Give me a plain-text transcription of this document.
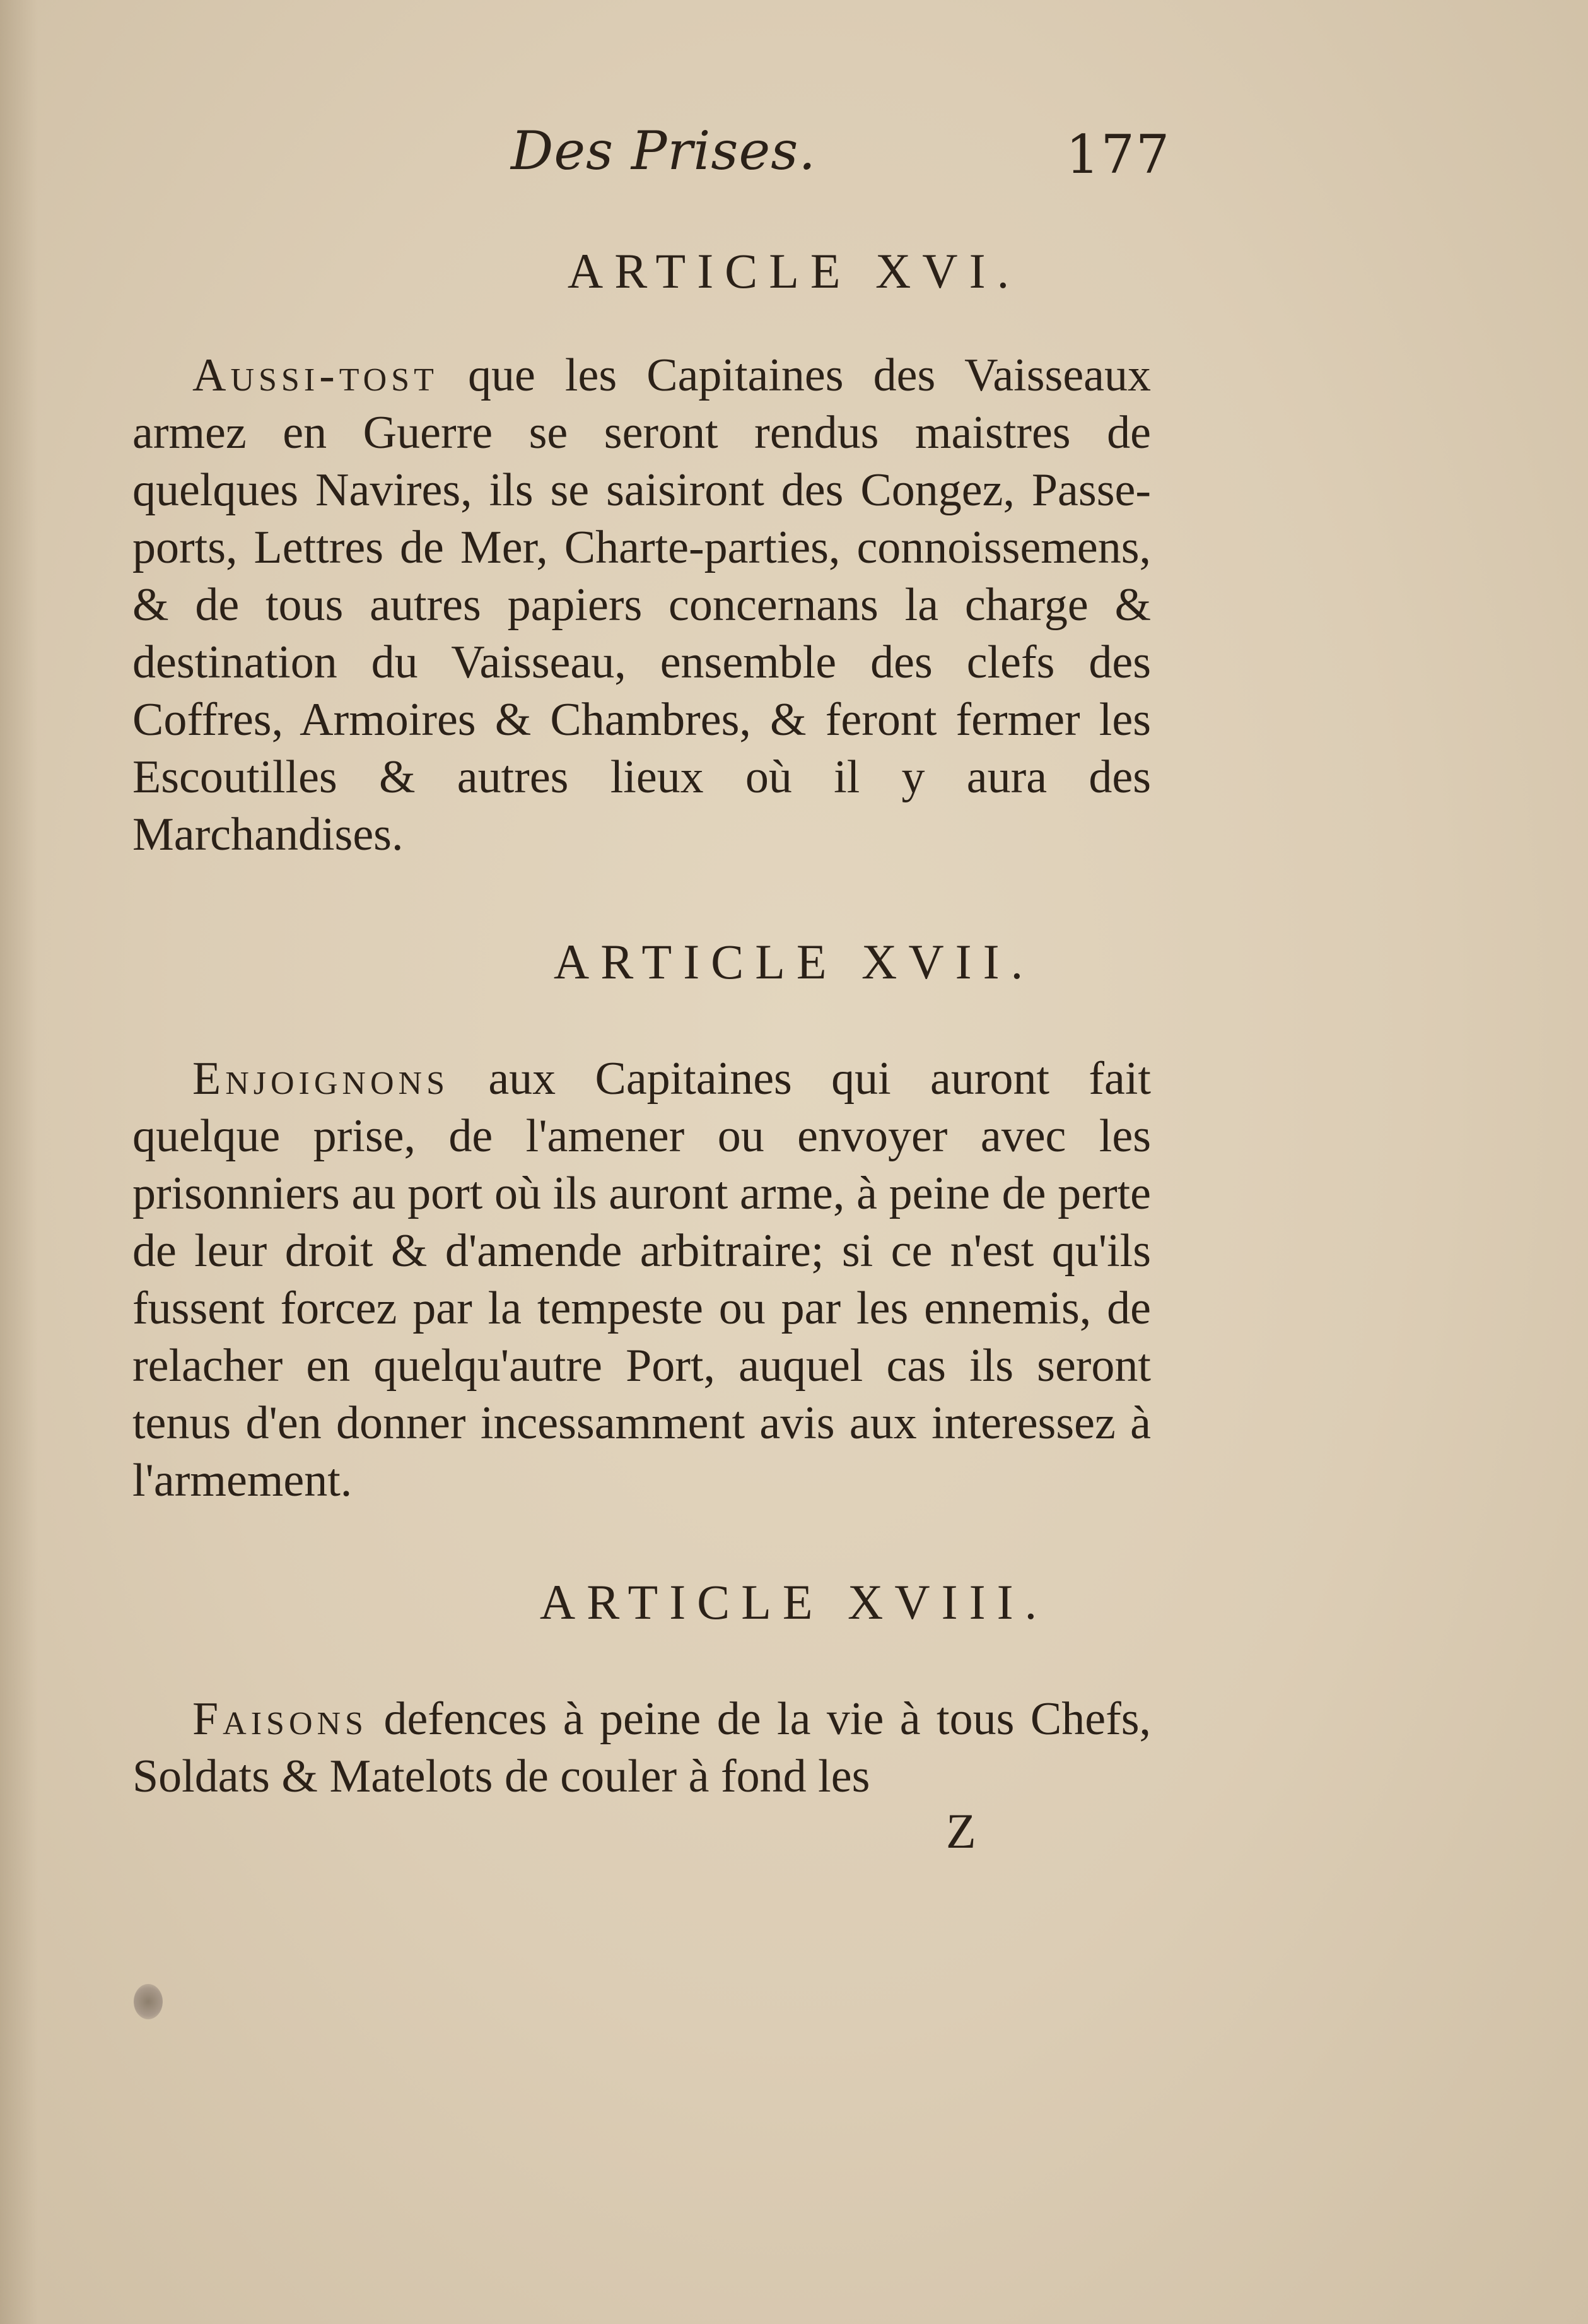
Des Prises.	177
ARTICLE XVI.

Aussi-tost que les Capitaines des Vaisseaux armez en Guerre se seront rendus maistres de quelques Navires, ils se saisiront des Congez, Passe-ports, Lettres de Mer, Charte-parties, connoissemens, & de tous autres papiers concernans la charge & destination du Vaisseau, ensemble des clefs des Coffres, Armoires & Chambres, & feront fermer les Escoutilles & autres lieux où il y aura des Marchandises.

ARTICLE XVII.

Enjoignons aux Capitaines qui auront fait quelque prise, de l'amener ou envoyer avec les prisonniers au port où ils auront arme, à peine de perte de leur droit & d'amende arbitraire; si ce n'est qu'ils fussent forcez par la tempeste ou par les ennemis, de relacher en quelqu'autre Port, auquel cas ils seront tenus d'en donner incessamment avis aux interessez à l'armement.

ARTICLE XVIII.

Faisons defences à peine de la vie à tous Chefs, Soldats & Matelots de couler à fond les

Z
